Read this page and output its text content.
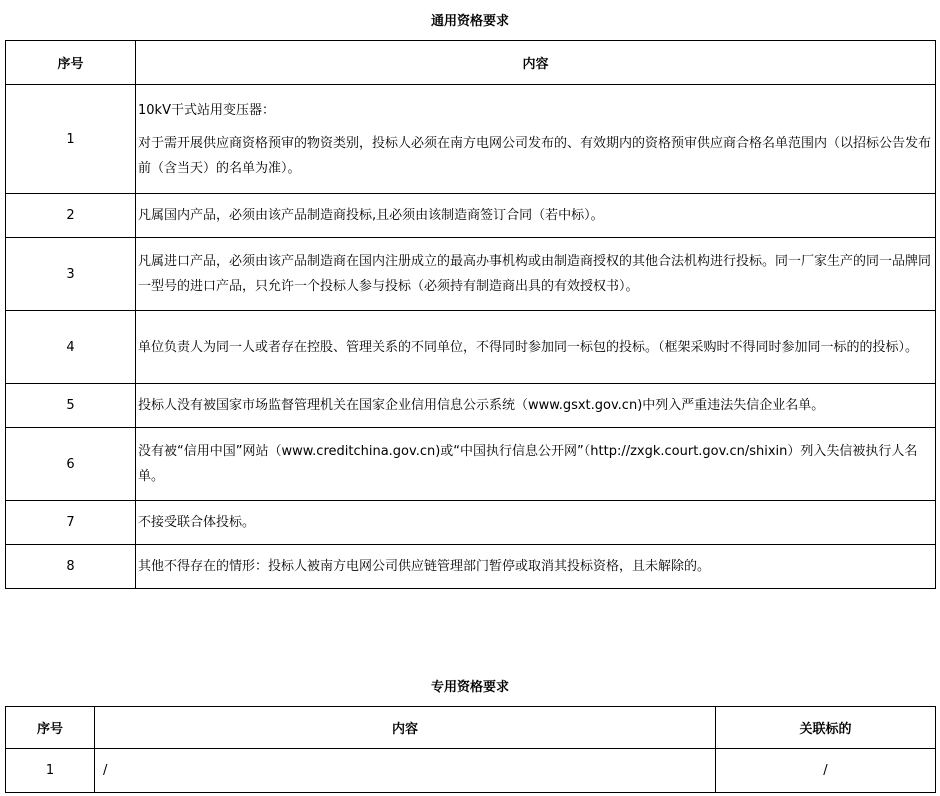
通用资格要求
序号	内容
1	10kV干式站用变压器：

对于需开展供应商资格预审的物资类别，投标人必须在南方电网公司发布的、有效期内的资格预审供应商合格名单范围内（以招标公告发布前（含当天）的名单为准）。

2	凡属国内产品，必须由该产品制造商投标,且必须由该制造商签订合同（若中标）。

3	凡属进口产品，必须由该产品制造商在国内注册成立的最高办事机构或由制造商授权的其他合法机构进行投标。同一厂家生产的同一品牌同一型号的进口产品，只允许一个投标人参与投标（必须持有制造商出具的有效授权书）。

4	单位负责人为同一人或者存在控股、管理关系的不同单位，不得同时参加同一标包的投标。（框架采购时不得同时参加同一标的的投标）。

5	投标人没有被国家市场监督管理机关在国家企业信用信息公示系统（www.gsxt.gov.cn)中列入严重违法失信企业名单。

6	没有被“信用中国”网站（www.creditchina.gov.cn)或“中国执行信息公开网”（http://zxgk.court.gov.cn/shixin）列入失信被执行人名单。

7	不接受联合体投标。

8	其他不得存在的情形：投标人被南方电网公司供应链管理部门暂停或取消其投标资格，且未解除的。

专用资格要求
序号	内容	关联标的
1	/	/
